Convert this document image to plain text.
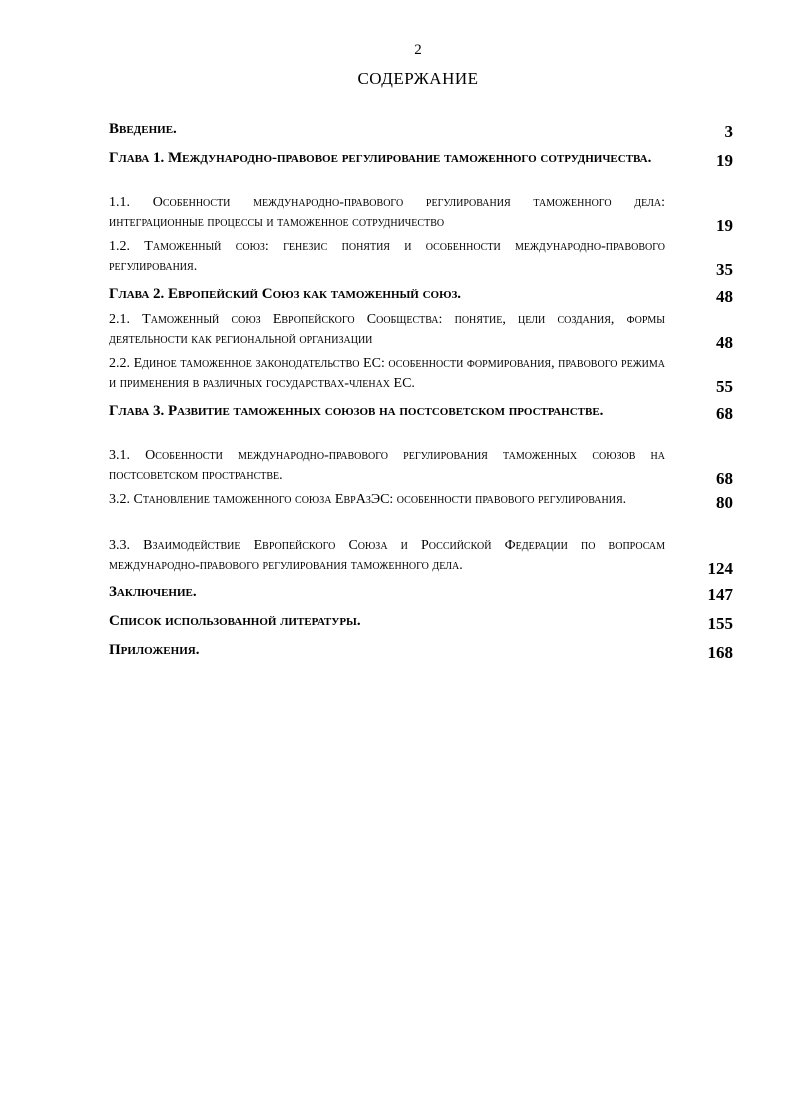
2
СОДЕРЖАНИЕ
Введение.	3
Глава 1. Международно-правовое регулирование таможенного сотрудничества.	19
1.1. Особенности международно-правового регулирования таможенного дела: интеграционные процессы и таможенное сотрудничество	19
1.2. Таможенный союз: генезис понятия и особенности международно-правового регулирования.	35
Глава 2. Европейский Союз как таможенный союз.	48
2.1. Таможенный союз Европейского Сообщества: понятие, цели создания, формы деятельности как региональной организации	48
2.2. Единое таможенное законодательство ЕС: особенности формирования, правового режима и применения в различных государствах-членах ЕС.	55
Глава 3. Развитие таможенных союзов на постсоветском пространстве.	68
3.1. Особенности международно-правового регулирования таможенных союзов на постсоветском пространстве.	68
3.2. Становление таможенного союза ЕврАзЭС: особенности правового регулирования.	80
3.3. Взаимодействие Европейского Союза и Российской Федерации по вопросам международно-правового регулирования таможенного дела.	124
Заключение.	147
Список использованной литературы.	155
Приложения.	168
